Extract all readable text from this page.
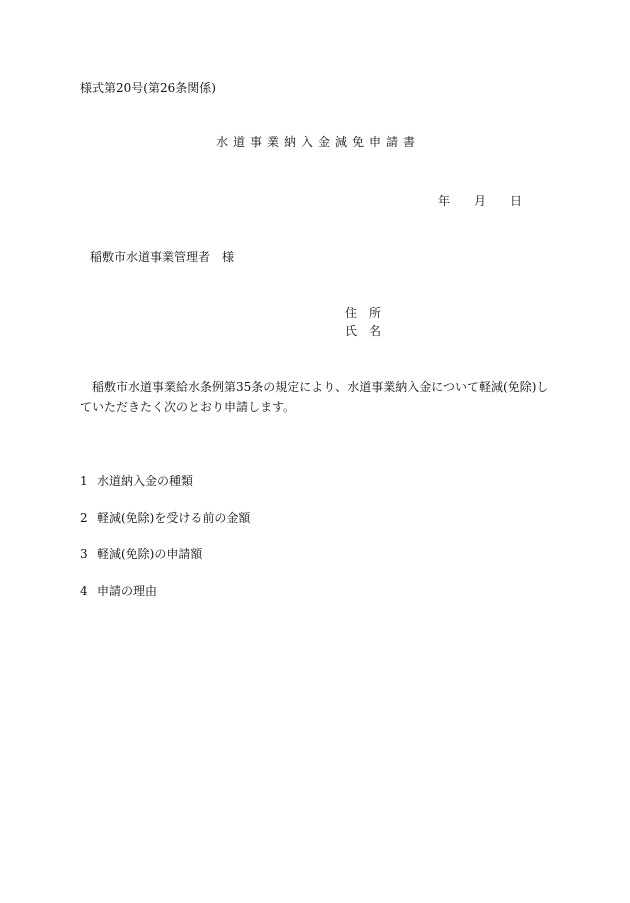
様式第20号(第26条関係)
水道事業納入金減免申請書
年 月 日
稲敷市水道事業管理者　様
住 所
氏 名
稲敷市水道事業給水条例第35条の規定により、水道事業納入金について軽減(免除)していただきたく次のとおり申請します。
1 水道納入金の種類
2 軽減(免除)を受ける前の金額
3 軽減(免除)の申請額
4 申請の理由
